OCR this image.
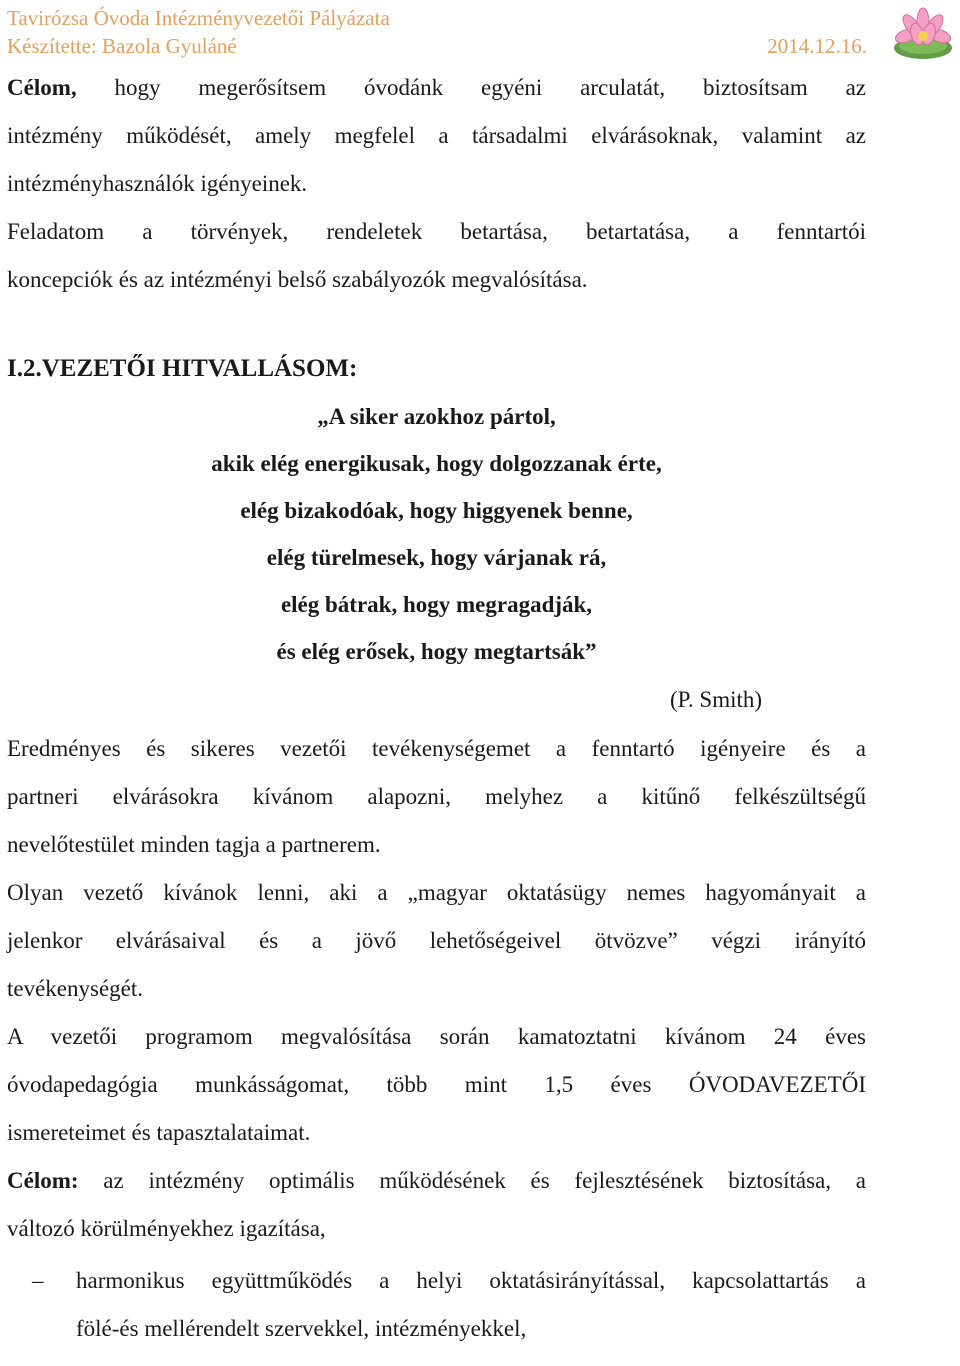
Tavirózsa Óvoda Intézményvezetői Pályázata
Készítette: Bazola Gyuláné	2014.12.16.
Célom, hogy megerősítsem óvodánk egyéni arculatát, biztosítsam az
intézmény működését, amely megfelel a társadalmi elvárásoknak, valamint az
intézményhasználók igényeinek.
Feladatom a törvények, rendeletek betartása, betartatása, a fenntartói
koncepciók és az intézményi belső szabályozók megvalósítása.
I.2.VEZETŐI HITVALLÁSOM:
„A siker azokhoz pártol,
akik elég energikusak, hogy dolgozzanak érte,
elég bizakodóak, hogy higgyenek benne,
elég türelmesek, hogy várjanak rá,
elég bátrak, hogy megragadják,
és elég erősek, hogy megtartsák”
(P. Smith)
Eredményes és sikeres vezetői tevékenységemet a fenntartó igényeire és a
partneri elvárásokra kívánom alapozni, melyhez a kitűnő felkészültségű
nevelőtestület minden tagja a partnerem.
Olyan vezető kívánok lenni, aki a „magyar oktatásügy nemes hagyományait a
jelenkor elvárásaival és a jövő lehetőségeivel ötvözve” végzi irányító
tevékenységét.
A vezetői programom megvalósítása során kamatoztatni kívánom 24 éves
óvodapedagógia munkásságomat, több mint 1,5 éves ÓVODAVEZETŐI
ismereteimet és tapasztalataimat.
Célom: az intézmény optimális működésének és fejlesztésének biztosítása, a
változó körülményekhez igazítása,
–	harmonikus együttműködés a helyi oktatásirányítással, kapcsolattartás a
fölé-és mellérendelt szervekkel, intézményekkel,
